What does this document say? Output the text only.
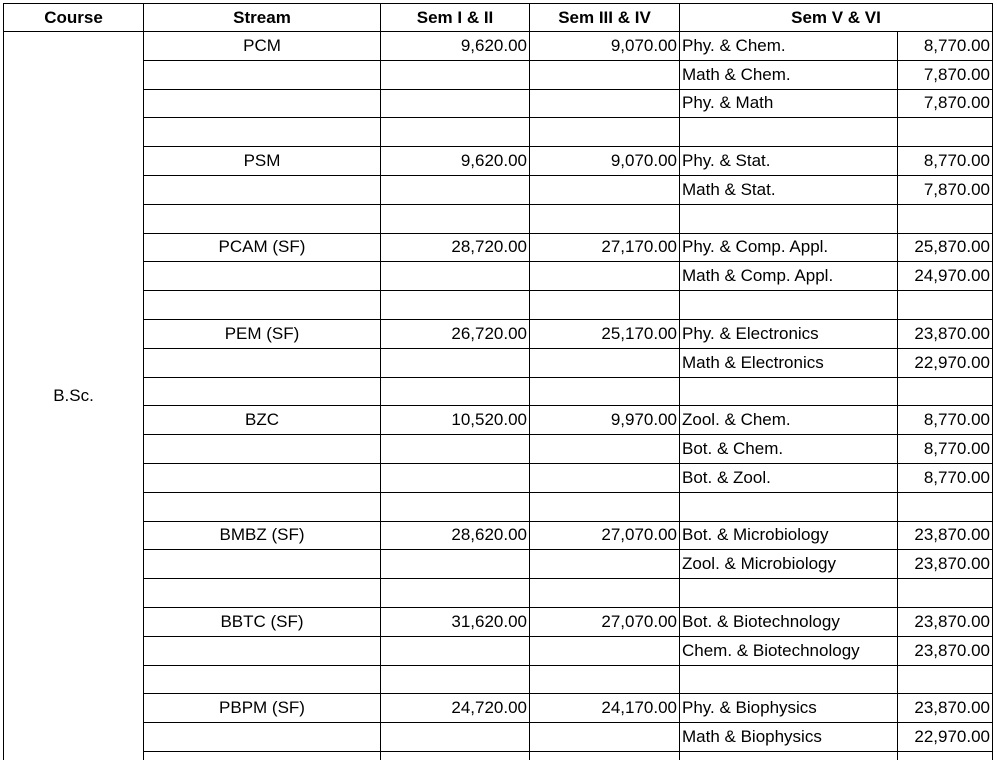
Course	Stream	Sem I & II	Sem III & IV	Sem V & VI	
B.Sc.	PCM	9,620.00	9,070.00	Phy. & Chem.	8,770.00
				Math & Chem.	7,870.00
				Phy. & Math	7,870.00

	PSM	9,620.00	9,070.00	Phy. & Stat.	8,770.00
				Math & Stat.	7,870.00

	PCAM (SF)	28,720.00	27,170.00	Phy. & Comp. Appl.	25,870.00
				Math & Comp. Appl.	24,970.00

	PEM (SF)	26,720.00	25,170.00	Phy. & Electronics	23,870.00
				Math & Electronics	22,970.00

	BZC	10,520.00	9,970.00	Zool. & Chem.	8,770.00
				Bot. & Chem.	8,770.00
				Bot. & Zool.	8,770.00

	BMBZ (SF)	28,620.00	27,070.00	Bot. & Microbiology	23,870.00
				Zool. & Microbiology	23,870.00

	BBTC (SF)	31,620.00	27,070.00	Bot. & Biotechnology	23,870.00
				Chem. & Biotechnology	23,870.00

	PBPM (SF)	24,720.00	24,170.00	Phy. & Biophysics	23,870.00
				Math & Biophysics	22,970.00
